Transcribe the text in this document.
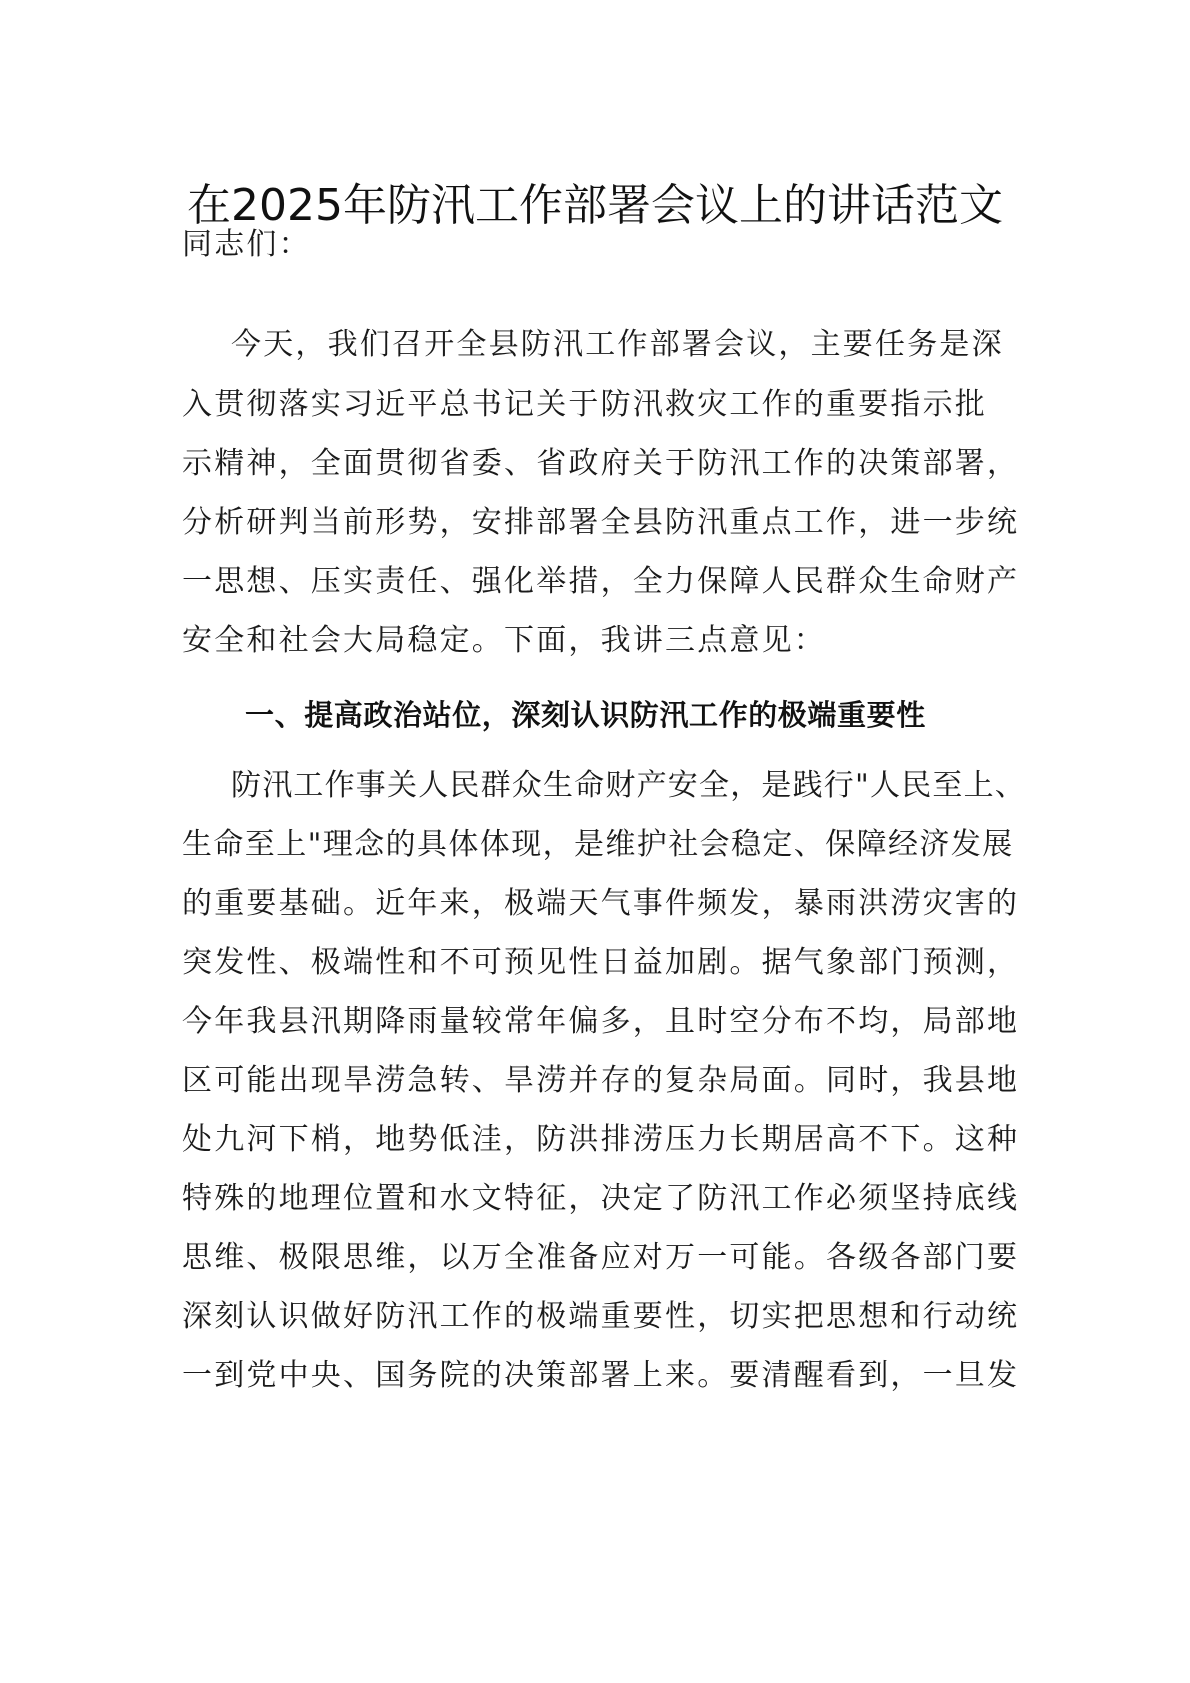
在2025年防汛工作部署会议上的讲话范文
同志们：
今天，我们召开全县防汛工作部署会议，主要任务是深
入贯彻落实习近平总书记关于防汛救灾工作的重要指示批
示精神，全面贯彻省委、省政府关于防汛工作的决策部署，
分析研判当前形势，安排部署全县防汛重点工作，进一步统
一思想、压实责任、强化举措，全力保障人民群众生命财产
安全和社会大局稳定。下面，我讲三点意见：
一、提高政治站位，深刻认识防汛工作的极端重要性
防汛工作事关人民群众生命财产安全，是践行"人民至上、
生命至上"理念的具体体现，是维护社会稳定、保障经济发展
的重要基础。近年来，极端天气事件频发，暴雨洪涝灾害的
突发性、极端性和不可预见性日益加剧。据气象部门预测，
今年我县汛期降雨量较常年偏多，且时空分布不均，局部地
区可能出现旱涝急转、旱涝并存的复杂局面。同时，我县地
处九河下梢，地势低洼，防洪排涝压力长期居高不下。这种
特殊的地理位置和水文特征，决定了防汛工作必须坚持底线
思维、极限思维，以万全准备应对万一可能。各级各部门要
深刻认识做好防汛工作的极端重要性，切实把思想和行动统
一到党中央、国务院的决策部署上来。要清醒看到，一旦发
